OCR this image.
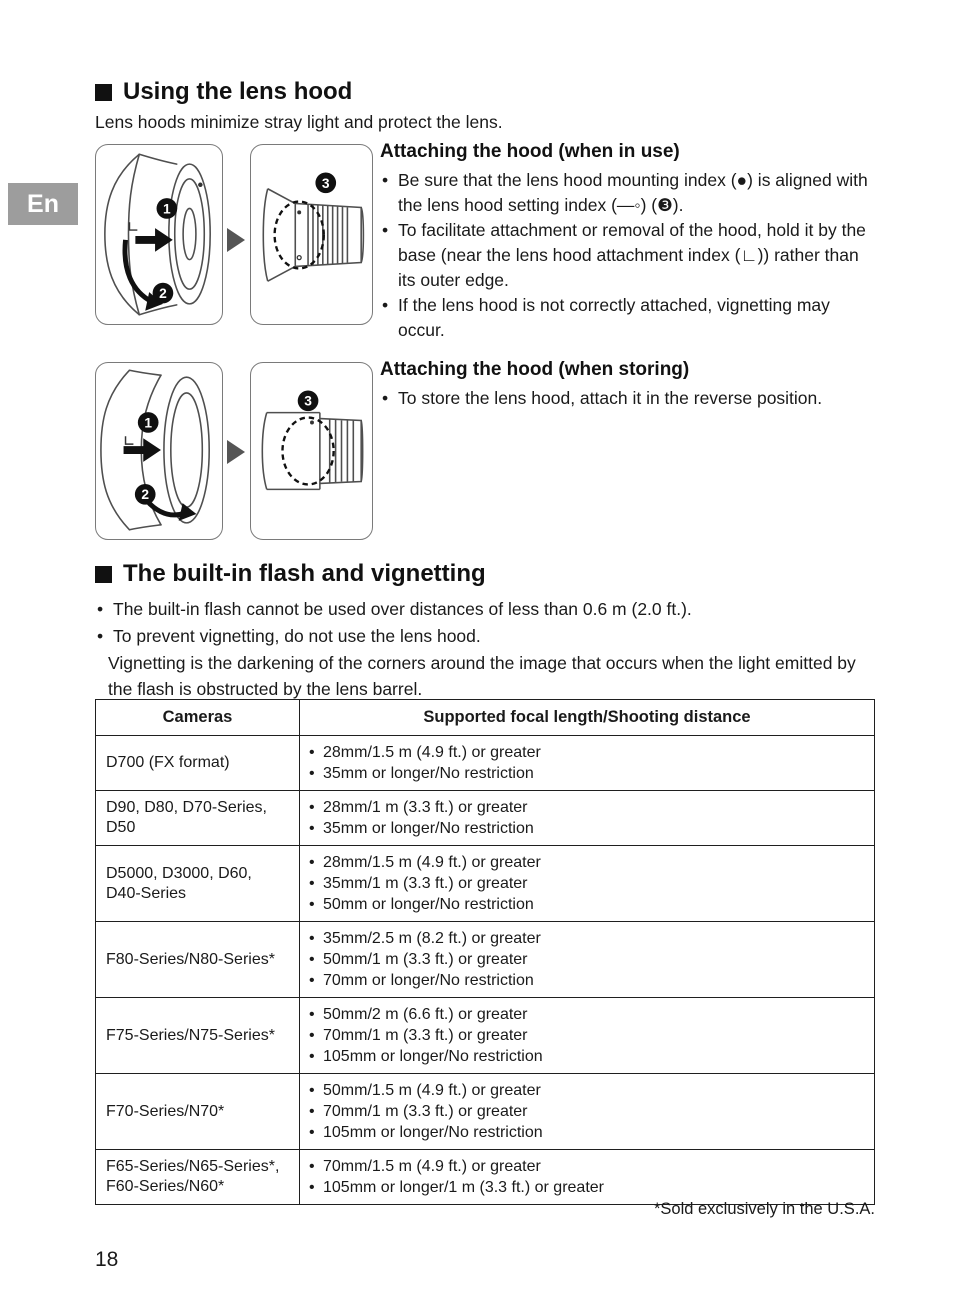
En
Using the lens hood
Lens hoods minimize stray light and protect the lens.
1
2
3
Attaching the hood (when in use)
• Be sure that the lens hood mounting index (●) is aligned with the lens hood setting index (—◦) (❸).
• To facilitate attachment or removal of the hood, hold it by the base (near the lens hood attachment index (∟)) rather than its outer edge.
• If the lens hood is not correctly attached, vignetting may occur.
1
2
3
Attaching the hood (when storing)
• To store the lens hood, attach it in the reverse position.
The built-in flash and vignetting
• The built-in flash cannot be used over distances of less than 0.6 m (2.0 ft.).
• To prevent vignetting, do not use the lens hood.
Vignetting is the darkening of the corners around the image that occurs when the light emitted by the flash is obstructed by the lens barrel.
Cameras	Supported focal length/Shooting distance
D700 (FX format)	• 28mm/1.5 m (4.9 ft.) or greater
• 35mm or longer/No restriction

D90, D80, D70-Series, D50	• 28mm/1 m (3.3 ft.) or greater
• 35mm or longer/No restriction

D5000, D3000, D60, D40-Series	• 28mm/1.5 m (4.9 ft.) or greater
• 35mm/1 m (3.3 ft.) or greater
• 50mm or longer/No restriction

F80-Series/N80-Series*	• 35mm/2.5 m (8.2 ft.) or greater
• 50mm/1 m (3.3 ft.) or greater
• 70mm or longer/No restriction

F75-Series/N75-Series*	• 50mm/2 m (6.6 ft.) or greater
• 70mm/1 m (3.3 ft.) or greater
• 105mm or longer/No restriction

F70-Series/N70*	• 50mm/1.5 m (4.9 ft.) or greater
• 70mm/1 m (3.3 ft.) or greater
• 105mm or longer/No restriction

F65-Series/N65-Series*, F60-Series/N60*	• 70mm/1.5 m (4.9 ft.) or greater
• 105mm or longer/1 m (3.3 ft.) or greater
*Sold exclusively in the U.S.A.
18
